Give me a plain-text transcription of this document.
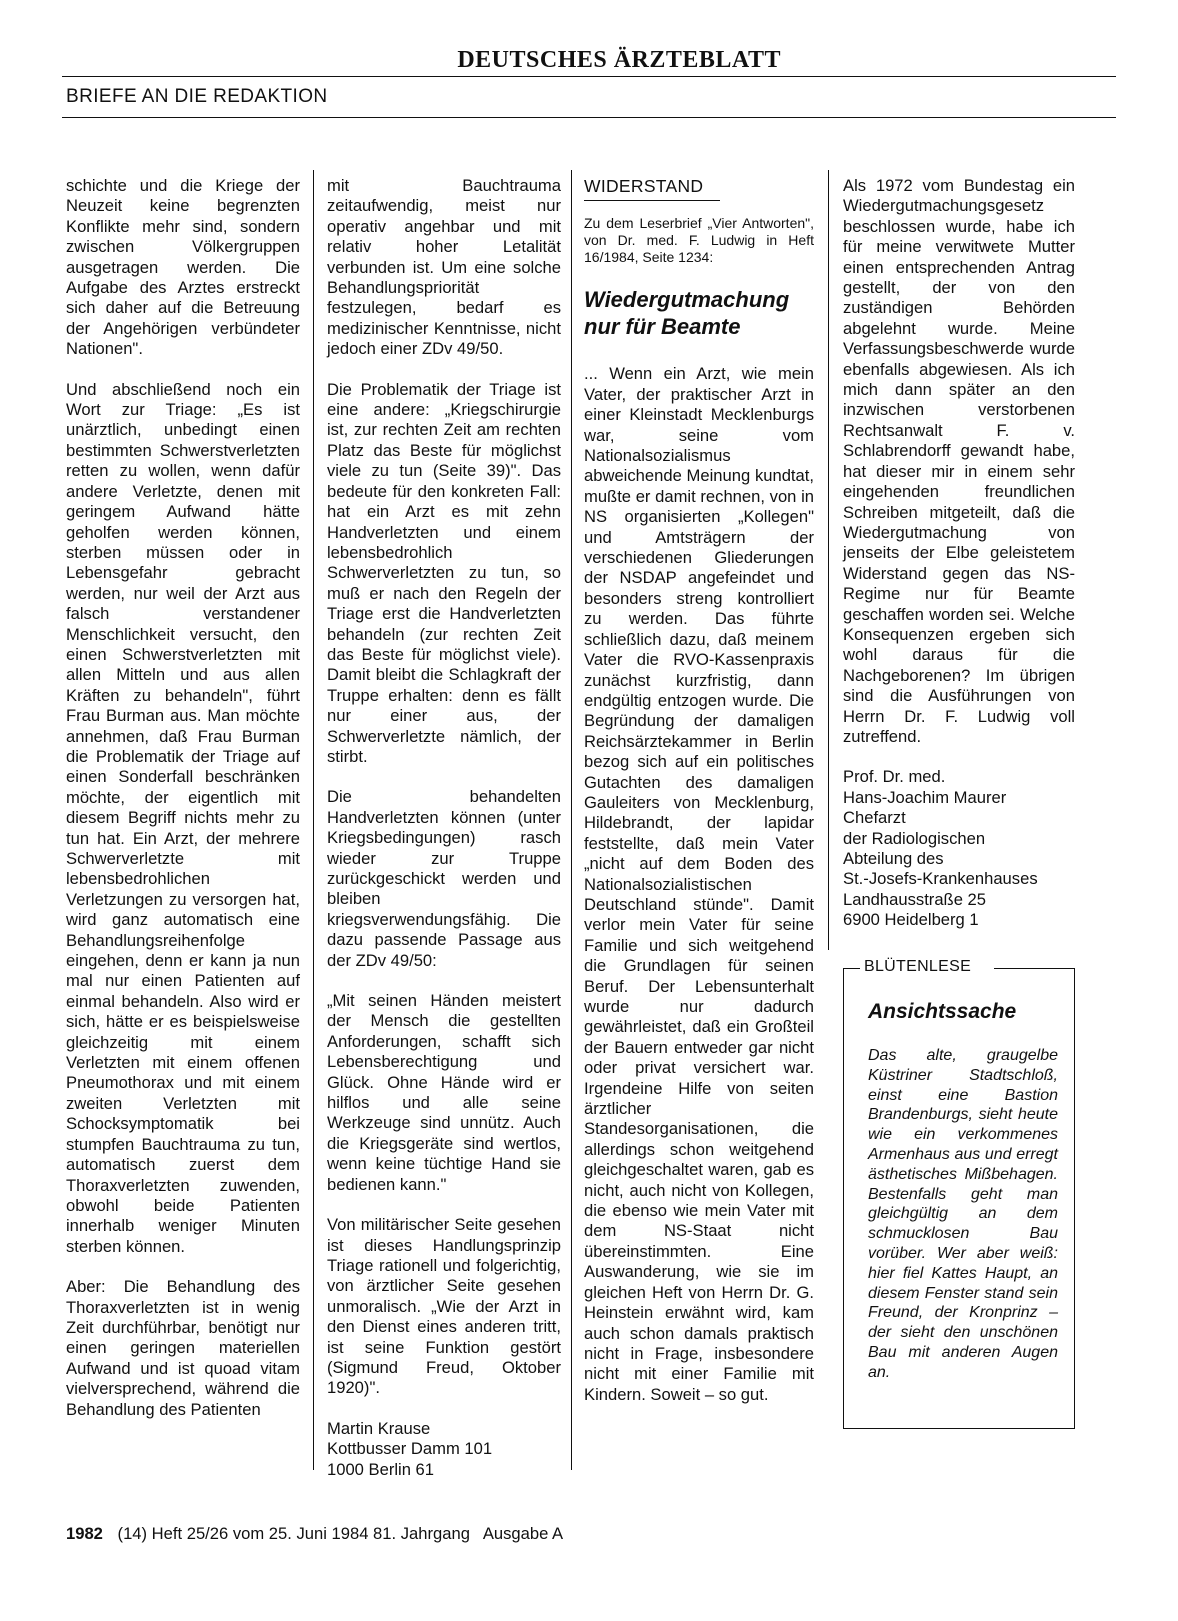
DEUTSCHES ÄRZTEBLATT
BRIEFE AN DIE REDAKTION

schichte und die Kriege der Neuzeit keine begrenzten Konflikte mehr sind, sondern zwischen Völkergruppen ausgetragen werden. Die Aufgabe des Arztes erstreckt sich daher auf die Betreuung der Angehörigen verbündeter Nationen".

Und abschließend noch ein Wort zur Triage: „Es ist unärztlich, unbedingt einen bestimmten Schwerstverletzten retten zu wollen, wenn dafür andere Verletzte, denen mit geringem Aufwand hätte geholfen werden können, sterben müssen oder in Lebensgefahr gebracht werden, nur weil der Arzt aus falsch verstandener Menschlichkeit versucht, den einen Schwerstverletzten mit allen Mitteln und aus allen Kräften zu behandeln", führt Frau Burman aus. Man möchte annehmen, daß Frau Burman die Problematik der Triage auf einen Sonderfall beschränken möchte, der eigentlich mit diesem Begriff nichts mehr zu tun hat. Ein Arzt, der mehrere Schwerverletzte mit lebensbedrohlichen Verletzungen zu versorgen hat, wird ganz automatisch eine Behandlungsreihenfolge eingehen, denn er kann ja nun mal nur einen Patienten auf einmal behandeln. Also wird er sich, hätte er es beispielsweise gleichzeitig mit einem Verletzten mit einem offenen Pneumothorax und mit einem zweiten Verletzten mit Schocksymptomatik bei stumpfen Bauchtrauma zu tun, automatisch zuerst dem Thoraxverletzten zuwenden, obwohl beide Patienten innerhalb weniger Minuten sterben können.

Aber: Die Behandlung des Thoraxverletzten ist in wenig Zeit durchführbar, benötigt nur einen geringen materiellen Aufwand und ist quoad vitam vielversprechend, während die Behandlung des Patienten

mit Bauchtrauma zeitaufwendig, meist nur operativ angehbar und mit relativ hoher Letalität verbunden ist. Um eine solche Behandlungspriorität festzulegen, bedarf es medizinischer Kenntnisse, nicht jedoch einer ZDv 49/50.

Die Problematik der Triage ist eine andere: „Kriegschirurgie ist, zur rechten Zeit am rechten Platz das Beste für möglichst viele zu tun (Seite 39)". Das bedeute für den konkreten Fall: hat ein Arzt es mit zehn Handverletzten und einem lebensbedrohlich Schwerverletzten zu tun, so muß er nach den Regeln der Triage erst die Handverletzten behandeln (zur rechten Zeit das Beste für möglichst viele). Damit bleibt die Schlagkraft der Truppe erhalten: denn es fällt nur einer aus, der Schwerverletzte nämlich, der stirbt.

Die behandelten Handverletzten können (unter Kriegsbedingungen) rasch wieder zur Truppe zurückgeschickt werden und bleiben kriegsverwendungsfähig. Die dazu passende Passage aus der ZDv 49/50:

„Mit seinen Händen meistert der Mensch die gestellten Anforderungen, schafft sich Lebensberechtigung und Glück. Ohne Hände wird er hilflos und alle seine Werkzeuge sind unnütz. Auch die Kriegsgeräte sind wertlos, wenn keine tüchtige Hand sie bedienen kann."

Von militärischer Seite gesehen ist dieses Handlungsprinzip Triage rationell und folgerichtig, von ärztlicher Seite gesehen unmoralisch. „Wie der Arzt in den Dienst eines anderen tritt, ist seine Funktion gestört (Sigmund Freud, Oktober 1920)".

Martin Krause
Kottbusser Damm 101
1000 Berlin 61
WIDERSTAND

Zu dem Leserbrief „Vier Antworten", von Dr. med. F. Ludwig in Heft 16/1984, Seite 1234:

Wiedergutmachung
nur für Beamte

... Wenn ein Arzt, wie mein Vater, der praktischer Arzt in einer Kleinstadt Mecklenburgs war, seine vom Nationalsozialismus abweichende Meinung kundtat, mußte er damit rechnen, von in NS organisierten „Kollegen" und Amtsträgern der verschiedenen Gliederungen der NSDAP angefeindet und besonders streng kontrolliert zu werden. Das führte schließlich dazu, daß meinem Vater die RVO-Kassenpraxis zunächst kurzfristig, dann endgültig entzogen wurde. Die Begründung der damaligen Reichsärztekammer in Berlin bezog sich auf ein politisches Gutachten des damaligen Gauleiters von Mecklenburg, Hildebrandt, der lapidar feststellte, daß mein Vater „nicht auf dem Boden des Nationalsozialistischen Deutschland stünde". Damit verlor mein Vater für seine Familie und sich weitgehend die Grundlagen für seinen Beruf. Der Lebensunterhalt wurde nur dadurch gewährleistet, daß ein Großteil der Bauern entweder gar nicht oder privat versichert war. Irgendeine Hilfe von seiten ärztlicher Standesorganisationen, die allerdings schon weitgehend gleichgeschaltet waren, gab es nicht, auch nicht von Kollegen, die ebenso wie mein Vater mit dem NS-Staat nicht übereinstimmten. Eine Auswanderung, wie sie im gleichen Heft von Herrn Dr. G. Heinstein erwähnt wird, kam auch schon damals praktisch nicht in Frage, insbesondere nicht mit einer Familie mit Kindern. Soweit – so gut.

Als 1972 vom Bundestag ein Wiedergutmachungsgesetz beschlossen wurde, habe ich für meine verwitwete Mutter einen entsprechenden Antrag gestellt, der von den zuständigen Behörden abgelehnt wurde. Meine Verfassungsbeschwerde wurde ebenfalls abgewiesen. Als ich mich dann später an den inzwischen verstorbenen Rechtsanwalt F. v. Schlabrendorff gewandt habe, hat dieser mir in einem sehr eingehenden freundlichen Schreiben mitgeteilt, daß die Wiedergutmachung von jenseits der Elbe geleistetem Widerstand gegen das NS-Regime nur für Beamte geschaffen worden sei. Welche Konsequenzen ergeben sich wohl daraus für die Nachgeborenen? Im übrigen sind die Ausführungen von Herrn Dr. F. Ludwig voll zutreffend.

Prof. Dr. med.
Hans-Joachim Maurer
Chefarzt
der Radiologischen
Abteilung des
St.-Josefs-Krankenhauses
Landhausstraße 25
6900 Heidelberg 1
BLÜTENLESE
Ansichtssache
Das alte, graugelbe Küstriner Stadtschloß, einst eine Bastion Brandenburgs, sieht heute wie ein verkommenes Armenhaus aus und erregt ästhetisches Mißbehagen. Bestenfalls geht man gleichgültig an dem schmucklosen Bau vorüber. Wer aber weiß: hier fiel Kattes Haupt, an diesem Fenster stand sein Freund, der Kronprinz – der sieht den unschönen Bau mit anderen Augen an.
1982 (14) Heft 25/26 vom 25. Juni 1984 81. Jahrgang   Ausgabe A
